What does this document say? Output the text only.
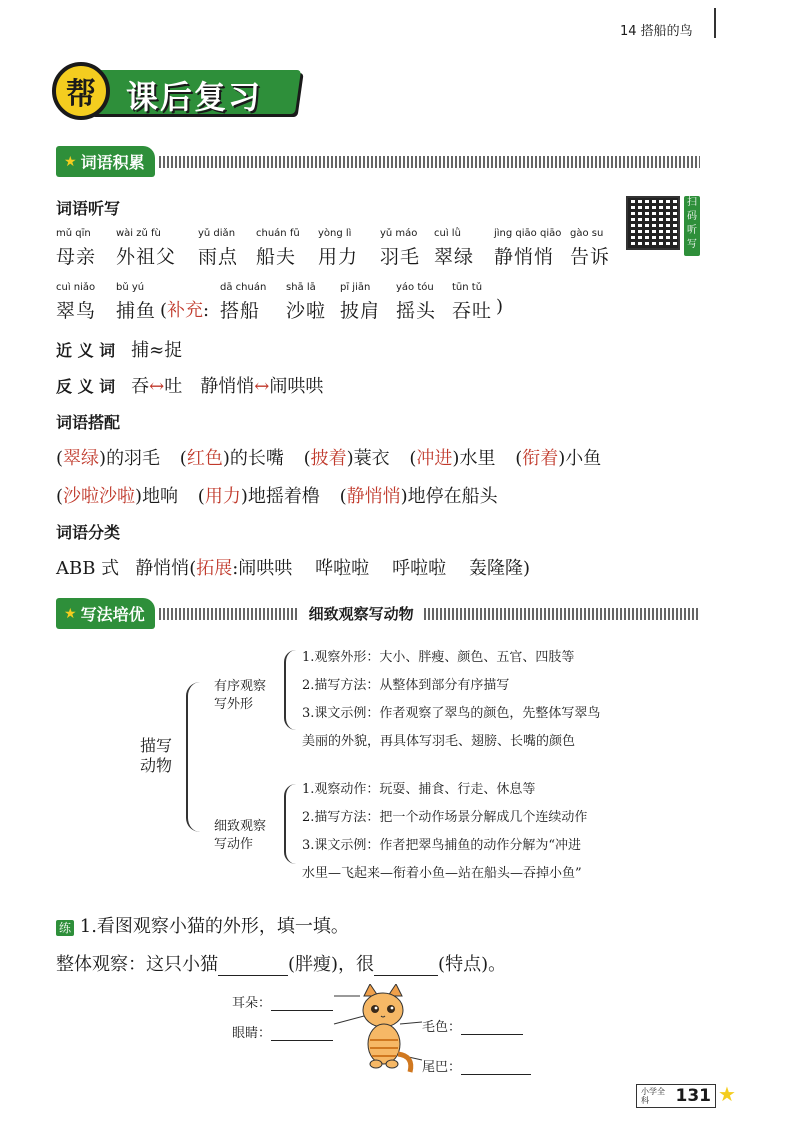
14 搭船的鸟
帮 课后复习
★ 词语积累
词语听写
mǔ qīn
母亲
wài zǔ fù
外祖父
yǔ diǎn
雨点
chuán fū
船夫
yòng lì
用力
yǔ máo
羽毛
cuì lǜ
翠绿
jìng qiāo qiāo
静悄悄
gào su
告诉
扫码听写
cuì niǎo
翠鸟
bǔ yú
捕鱼 (补充:
dā chuán
搭船
shā lā
沙啦
pī jiān
披肩
yáo tóu
摇头
tūn tǔ
吞吐 )
近 义 词 捕≈捉
反 义 词 吞↔吐 静悄悄↔闹哄哄
词语搭配
(翠绿)的羽毛 (红色)的长嘴 (披着)蓑衣 (冲进)水里 (衔着)小鱼
(沙啦沙啦)地响 (用力)地摇着橹 (静悄悄)地停在船头
词语分类
ABB 式 静悄悄(拓展:闹哄哄    哗啦啦    呼啦啦    轰隆隆)
★ 写法培优	细致观察写动物
描写
动物
有序观察
写外形
1.观察外形：大小、胖瘦、颜色、五官、四肢等
2.描写方法：从整体到部分有序描写
3.课文示例：作者观察了翠鸟的颜色，先整体写翠鸟
美丽的外貌，再具体写羽毛、翅膀、长嘴的颜色
细致观察
写动作
1.观察动作：玩耍、捕食、行走、休息等
2.描写方法：把一个动作场景分解成几个连续动作
3.课文示例：作者把翠鸟捕鱼的动作分解为“冲进
水里—飞起来—衔着小鱼—站在船头—吞掉小鱼”
练 1.看图观察小猫的外形，填一填。
整体观察：这只小猫	(胖瘦)，很	(特点)。
耳朵：
眼睛：	毛色：
尾巴：
小学全科	131 ★
